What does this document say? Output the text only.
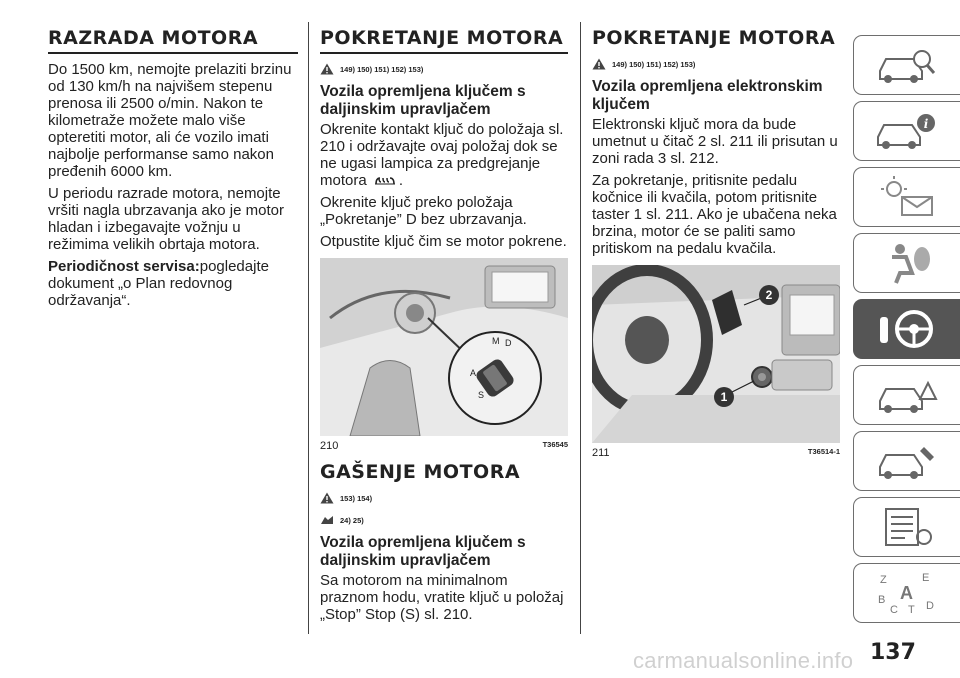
RAZRADA MOTORA

Do 1500 km, nemojte prelaziti brzinu od 130 km/h na najvišem stepenu prenosa ili 2500 o/min. Nakon te kilometraže možete malo više opteretiti motor, ali će vozilo imati najbolje performanse samo nakon pređenih 6000 km.

U periodu razrade motora, nemojte vršiti nagla ubrzavanja ako je motor hladan i izbegavajte vožnju u režimima velikih obrtaja motora.

Periodičnost servisa:pogledajte dokument „o Plan redovnog održavanja“.

POKRETANJE MOTORA
149) 150) 151) 152) 153)
Vozila opremljena ključem s daljinskim upravljačem

Okrenite kontakt ključ do položaja sl. 210 i održavajte ovaj položaj dok se ne ugasi lampica za predgrejanje motora .

Okrenite ključ preko položaja „Pokretanje” D bez ubrzavanja.

Otpustite ključ čim se motor pokrene.

D
A
M
S
210	T36545
GAŠENJE MOTORA
153) 154)
24) 25)
Vozila opremljena ključem s daljinskim upravljačem

Sa motorom na minimalnom praznom hodu, vratite ključ u položaj „Stop” Stop (S) sl. 210.

POKRETANJE MOTORA
149) 150) 151) 152) 153)
Vozila opremljena elektronskim ključem

Elektronski ključ mora da bude umetnut u čitač 2 sl. 211 ili prisutan u zoni rada 3 sl. 212.

Za pokretanje, pritisnite pedalu kočnice ili kvačila, potom pritisnite taster 1 sl. 211. Ako je ubačena neka brzina, motor će se paliti samo pritiskom na pedalu kvačila.

2
1
211	T36514-1
i
Z	E
B A
C T D
carmanualsonline.info 137
